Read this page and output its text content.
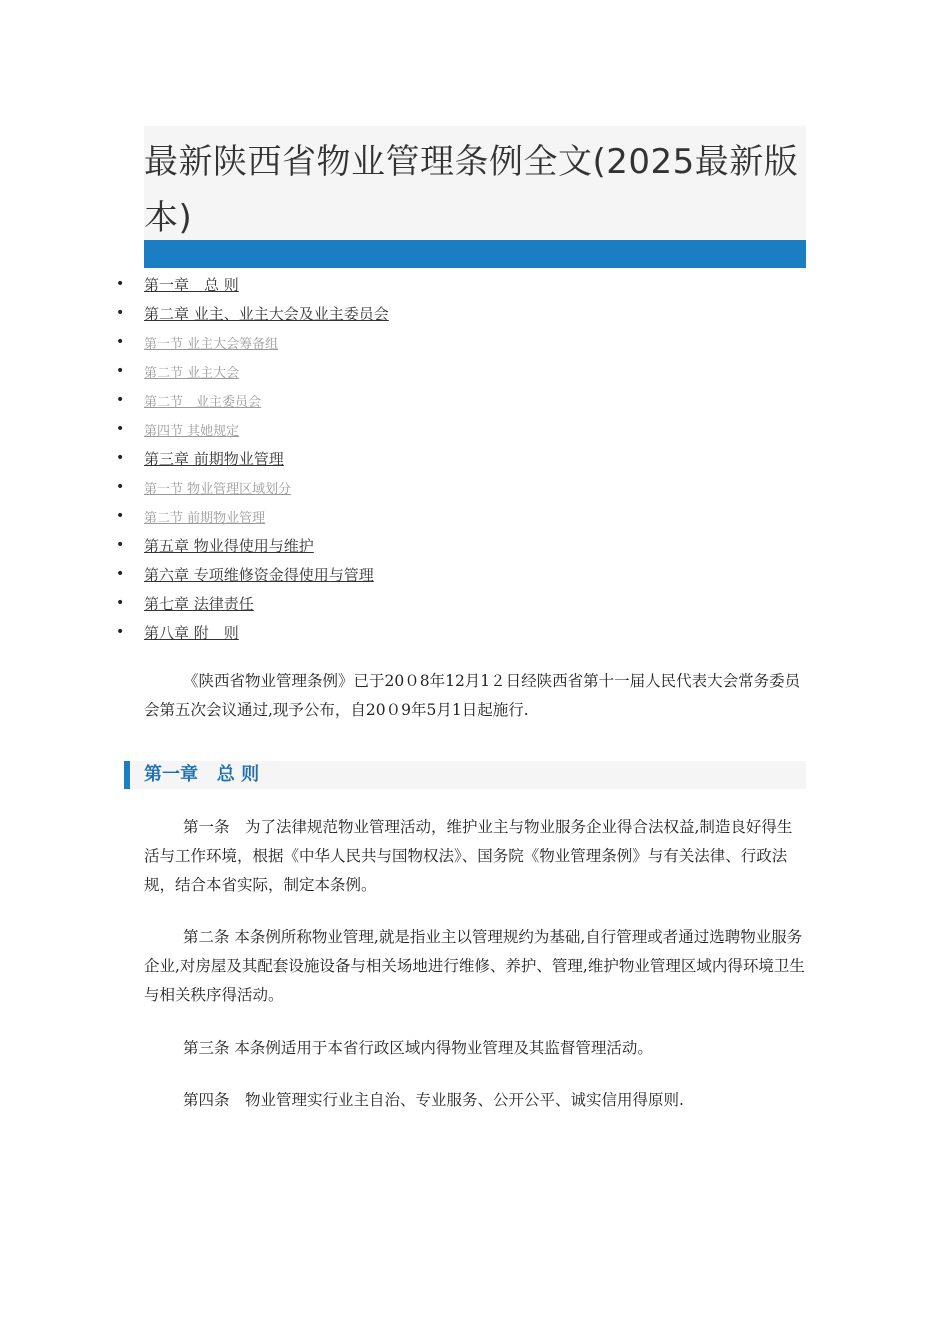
最新陕西省物业管理条例全文(2025最新版本)
• 第一章　总 则
• 第二章 业主、业主大会及业主委员会
• 第一节 业主大会筹备组
• 第二节 业主大会
• 第二节　业主委员会
• 第四节 其她规定
• 第三章 前期物业管理
• 第一节 物业管理区域划分
• 第二节 前期物业管理
• 第五章 物业得使用与维护
• 第六章 专项维修资金得使用与管理
• 第七章 法律责任
• 第八章 附　则

《陕西省物业管理条例》已于20０8年12月1２日经陕西省第十一届人民代表大会常务委员会第五次会议通过,现予公布，自20０9年5月1日起施行.

第一章   总 则

第一条　为了法律规范物业管理活动，维护业主与物业服务企业得合法权益,制造良好得生活与工作环境，根据《中华人民共与国物权法》、国务院《物业管理条例》与有关法律、行政法规，结合本省实际，制定本条例。

第二条 本条例所称物业管理,就是指业主以管理规约为基础,自行管理或者通过选聘物业服务企业,对房屋及其配套设施设备与相关场地进行维修、养护、管理,维护物业管理区域内得环境卫生与相关秩序得活动。

第三条 本条例适用于本省行政区域内得物业管理及其监督管理活动。

第四条　物业管理实行业主自治、专业服务、公开公平、诚实信用得原则.
